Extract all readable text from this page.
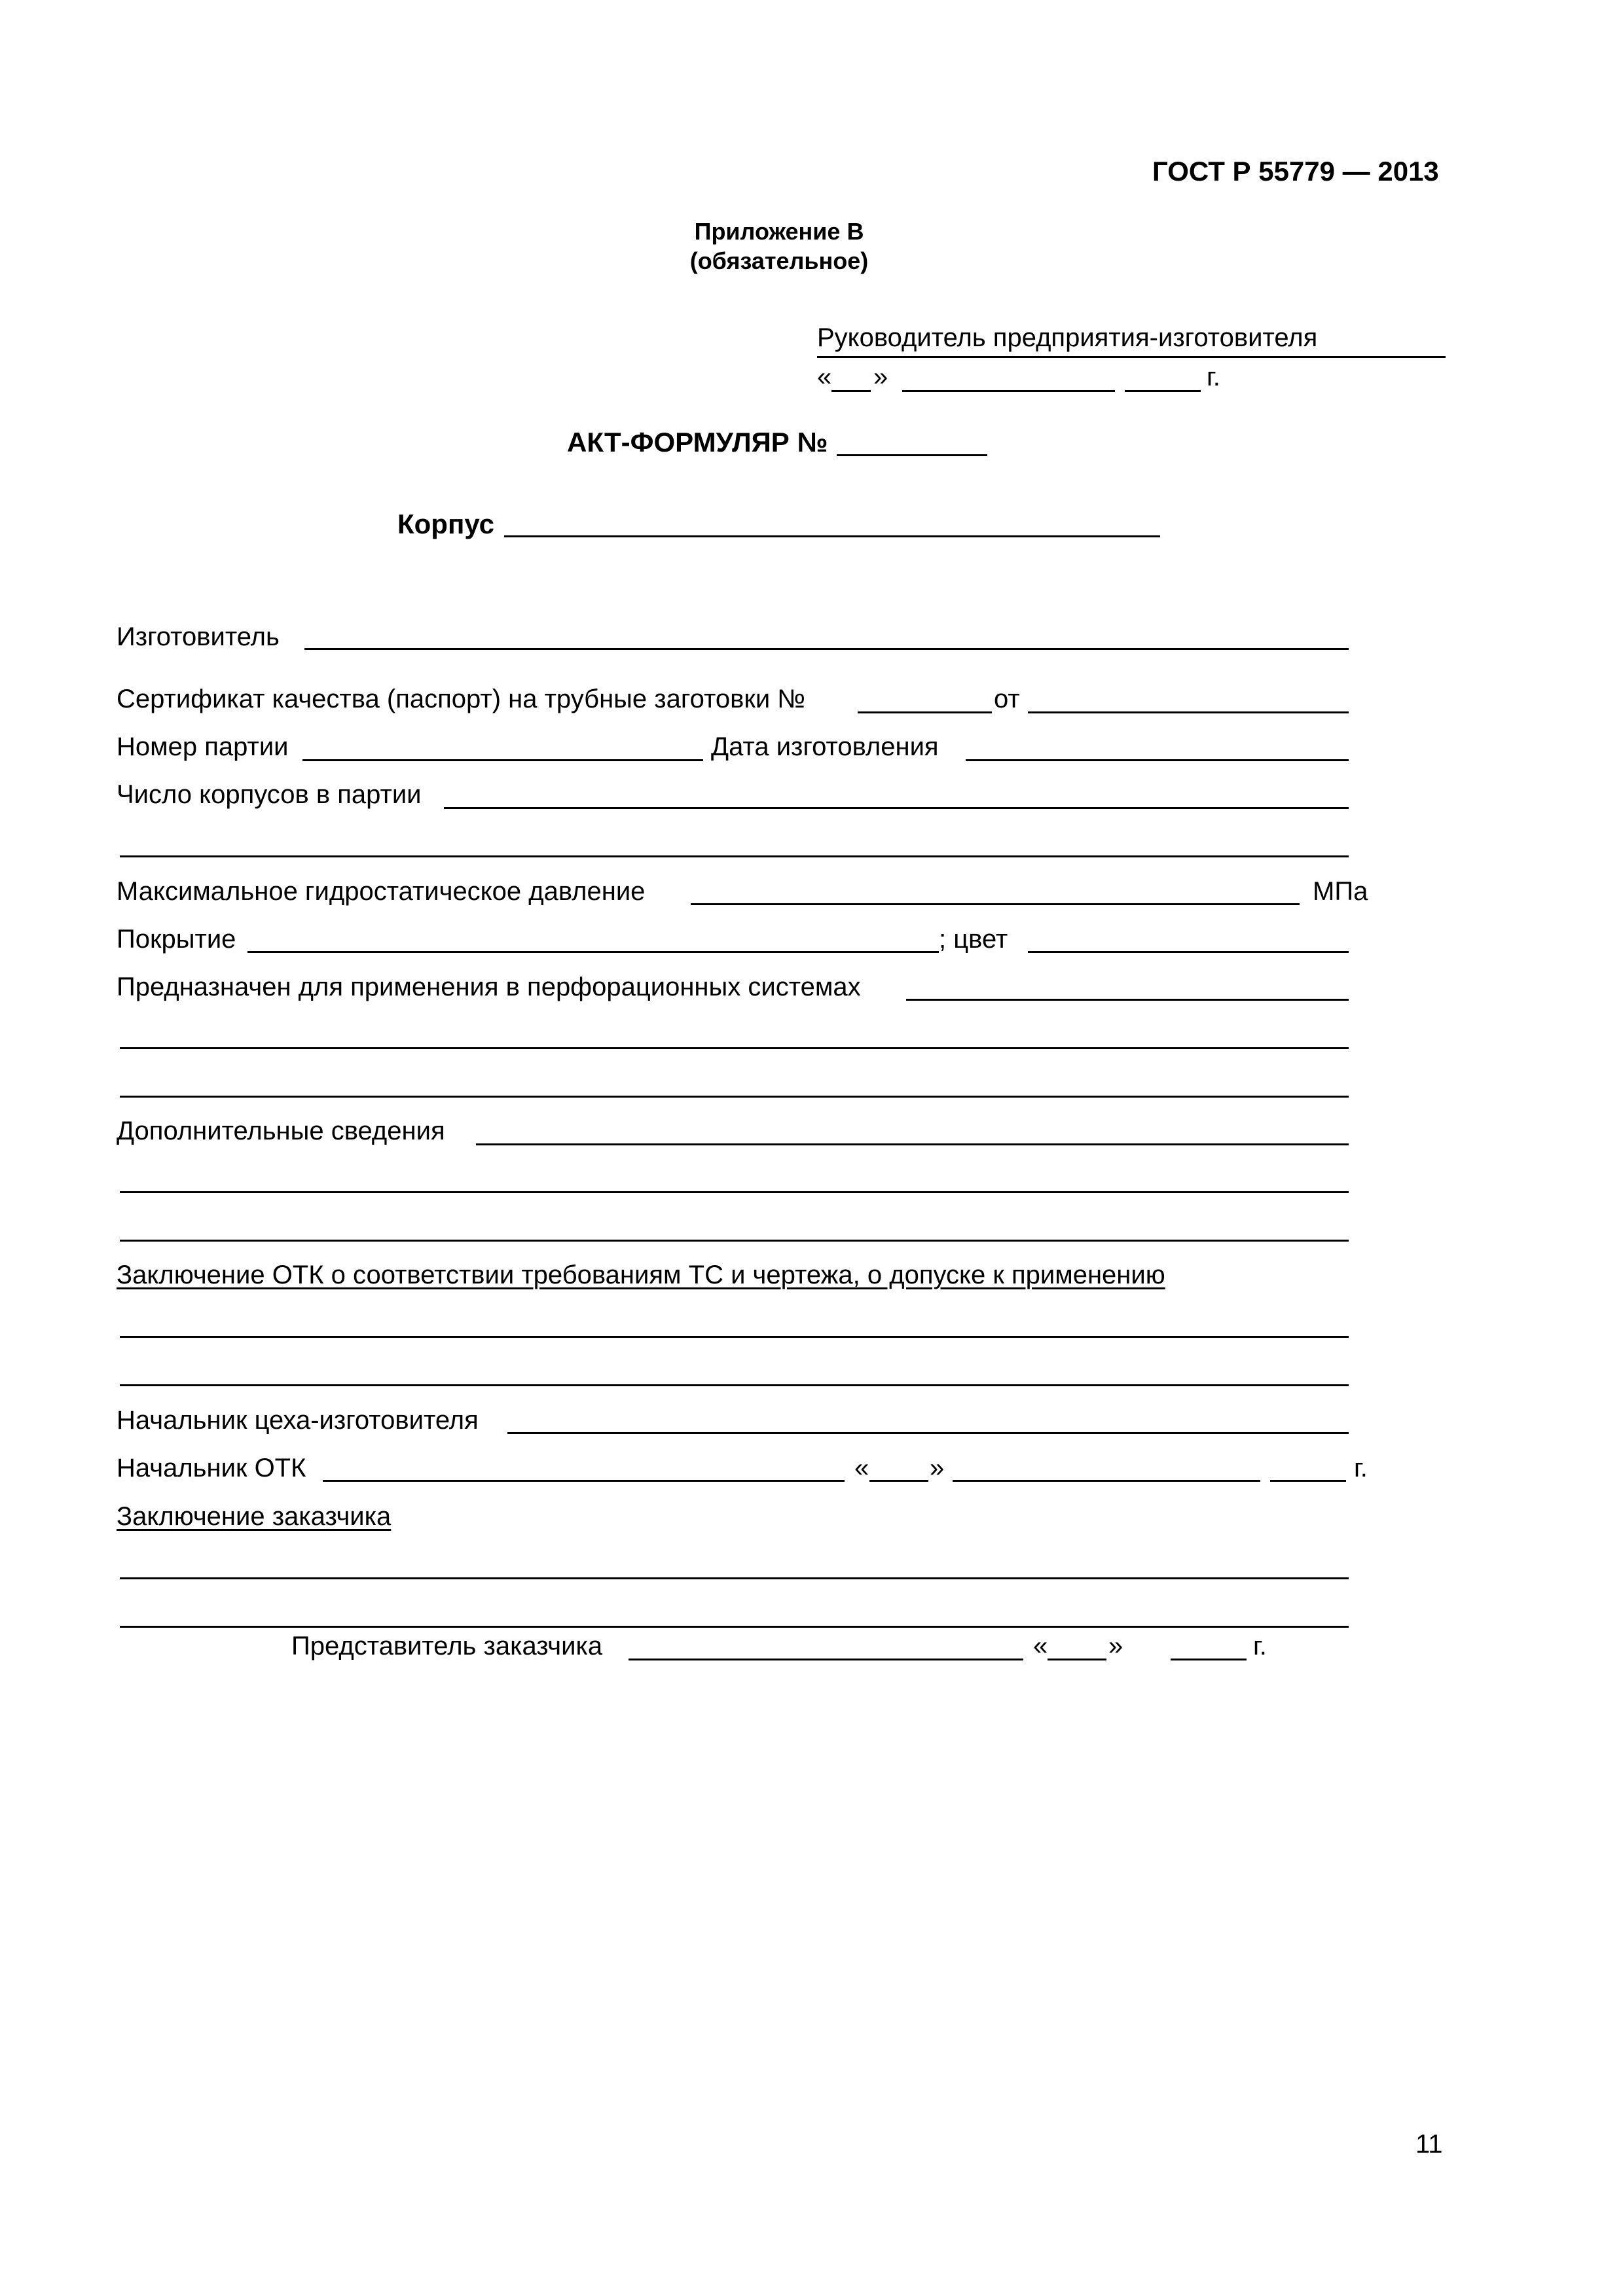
ГОСТ Р 55779 — 2013
Приложение В
(обязательное)
Руководитель предприятия-изготовителя
« »	г.
АКТ-ФОРМУЛЯР №
Корпус
Изготовитель
Сертификат качества (паспорт) на трубные заготовки №	от
Номер партии	Дата изготовления
Число корпусов в партии
Максимальное гидростатическое давление	МПа
Покрытие	; цвет
Предназначен для применения в перфорационных системах
Дополнительные сведения
Заключение ОТК о соответствии требованиям ТС и чертежа, о допуске к применению
Начальник цеха-изготовителя
Начальник ОТК	« »	г.
Заключение заказчика
Представитель заказчика	« »	г.
11
